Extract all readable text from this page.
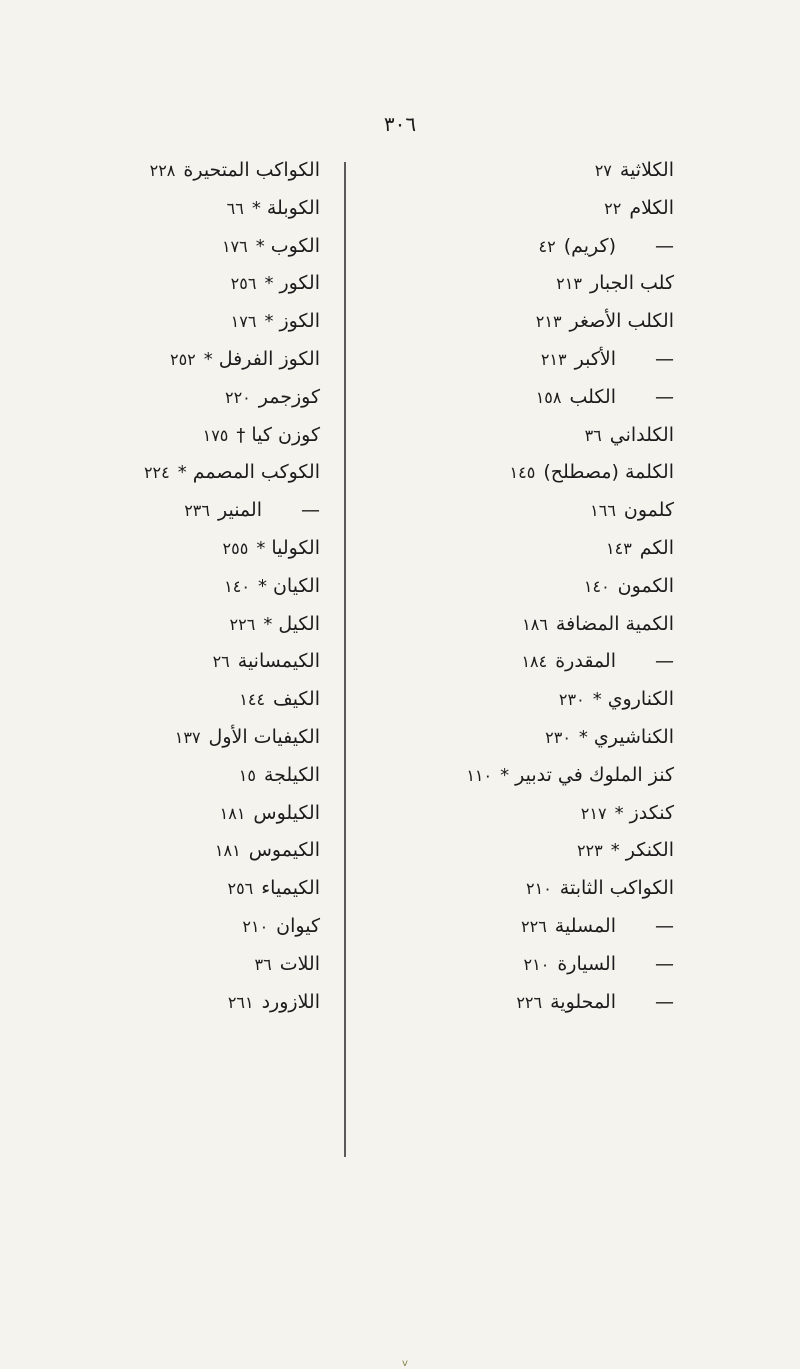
٣٠٦
الكلاثية٢٧
الكلام٢٢
—
(كريم)٤٢
كلب الجبار٢١٣
الكلب الأصغر٢١٣
—
الأكبر٢١٣
—
الكلب١٥٨
الكلداني٣٦
الكلمة (مصطلح)١٤٥
كلمون١٦٦
الكم١٤٣
الكمون١٤٠
الكمية المضافة١٨٦
—
المقدرة١٨٤
الكناروي*٢٣٠
الكناشيري*٢٣٠
كنز الملوك في تدبير*١١٠
كنكدز*٢١٧
الكنكر*٢٢٣
الكواكب الثابتة٢١٠
—
المسلية٢٢٦
—
السيارة٢١٠
—
المحلوية٢٢٦
الكواكب المتحيرة٢٢٨
الكوبلة*٦٦
الكوب*١٧٦
الكور*٢٥٦
الكوز*١٧٦
الكوز الفرفل*٢٥٢
كوزجمر٢٢٠
كوزن كيا†١٧٥
الكوكب المصمم*٢٢٤
—
المنير٢٣٦
الكوليا*٢٥٥
الكيان*١٤٠
الكيل*٢٢٦
الكيمسانية٢٦
الكيف١٤٤
الكيفيات الأول١٣٧
الكيلجة١٥
الكيلوس١٨١
الكيموس١٨١
الكيمياء٢٥٦
كيوان٢١٠
اللات٣٦
اللازورد٢٦١
v
